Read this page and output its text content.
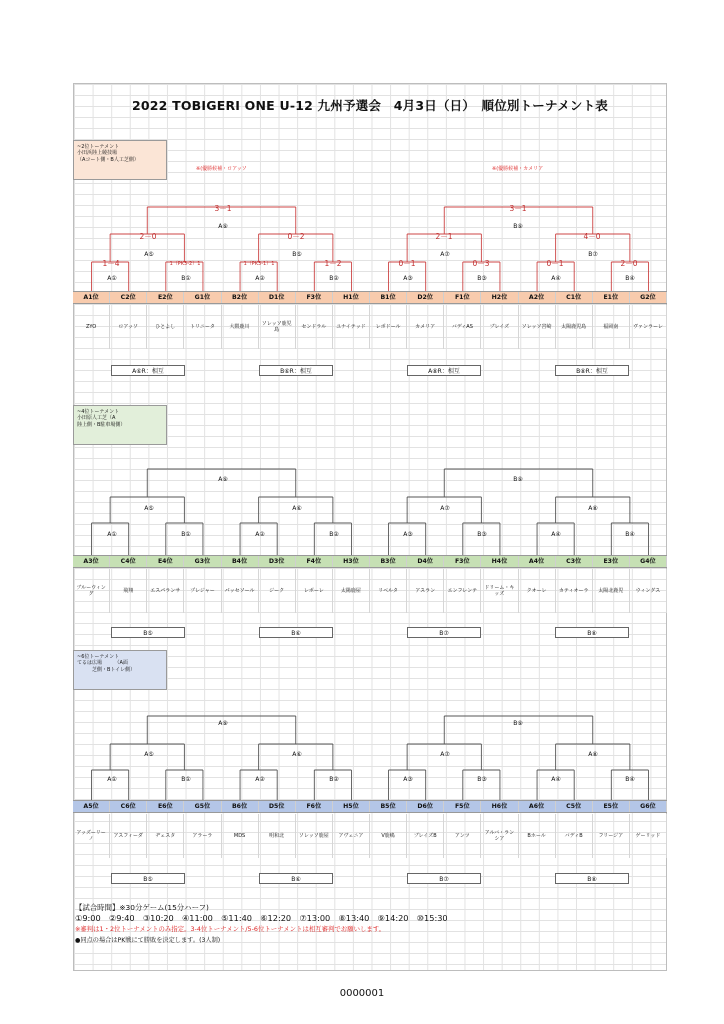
2022 TOBIGERI ONE U-12 九州予選会　4月3日（日）　順位別トーナメント表
~2位トーナメント
小田浜陸上競技場
（Aコート側・B人工芝側）
※(優勝候補・ロアッソ	※(優勝候補・カメリア
3－1	3－1
A⑨	B⑨
2－0	0－2	2－1	4－0
A⑤	B⑤	A⑦	B⑦
1－4	1（PK3-2）1	1（PK3-1）1	1－2	0－1	0－3	0－1	2－0
A①	B①	A②	B②	A③	B③	A④	B④
A1位	C2位	E2位	G1位	B2位	D1位	F3位	H1位	B1位	D2位	F1位	H2位	A2位	C1位	E1位	G2位
ZYO	ロアッソ	ひとよし	トリニータ	大隈鹿川	ソレッソ鹿児島	センドラル	ユナイテッド	レボドール	カメリア	バディAS	ブレイズ	ソレッソ宮崎	太陽鹿児島	福岡南	ヴァンラーレ
A⑥R：相互	B⑥R：相互	A⑧R：相互	B⑧R：相互
~4位トーナメント
小田原人工芝（A
陸上側・B駐車場側）
A⑨	B⑨
A⑤	A⑥	A⑦	A⑧
A①	B①	A②	B②	A③	B③	A④	B④
A3位	C4位	E4位	G3位	B4位	D3位	F4位	H3位	B3位	D4位	F3位	H4位	A4位	C3位	E3位	G4位
ブルーウィング	飛翔	エスパランサ	プレジャー	パッセソール	ジーク	レボーレ	太陽鹿屋	リベルタ	アスラン	エンフレンテ	ドリーム・キッズ	クオーレ	カティオーラ	太陽北鹿児	ウィングス
B⑤	B⑥	B⑦	B⑧
~6位トーナメント
てるは広場　　　（A面
　　　芝側・Bトイレ側）
A⑨	B⑨
A⑤	A⑥	A⑦	A⑧
A①	B①	A②	B②	A③	B③	A④	B④
A5位	C6位	E6位	G5位	B6位	D5位	F6位	H5位	B5位	D6位	F5位	H6位	A6位	C5位	E5位	G6位
アッズーリーノ	アスフィーダ	ヂェスタ	アラーラ	MDS	明和北	ソレッソ鹿屋	アヴェニア	V鹿嶋	ブレイズB	アンツ	アルバ・ランシア	Bホール	バディB	フリージア	ゲーリッド
B⑤	B⑥	B⑦	B⑧
【試合時間】※30分ゲーム(15分ハーフ)
①9:00　②9:40　③10:20　④11:00　⑤11:40　⑥12:20　⑦13:00　⑧13:40　⑨14:20　⑩15:30
※審判は1・2位トーナメントのみ指定。3-4位トーナメント/5-6位トーナメントは相互審判でお願いします。
●同点の場合はPK戦にて勝敗を決定します。(3人制)
0000001
